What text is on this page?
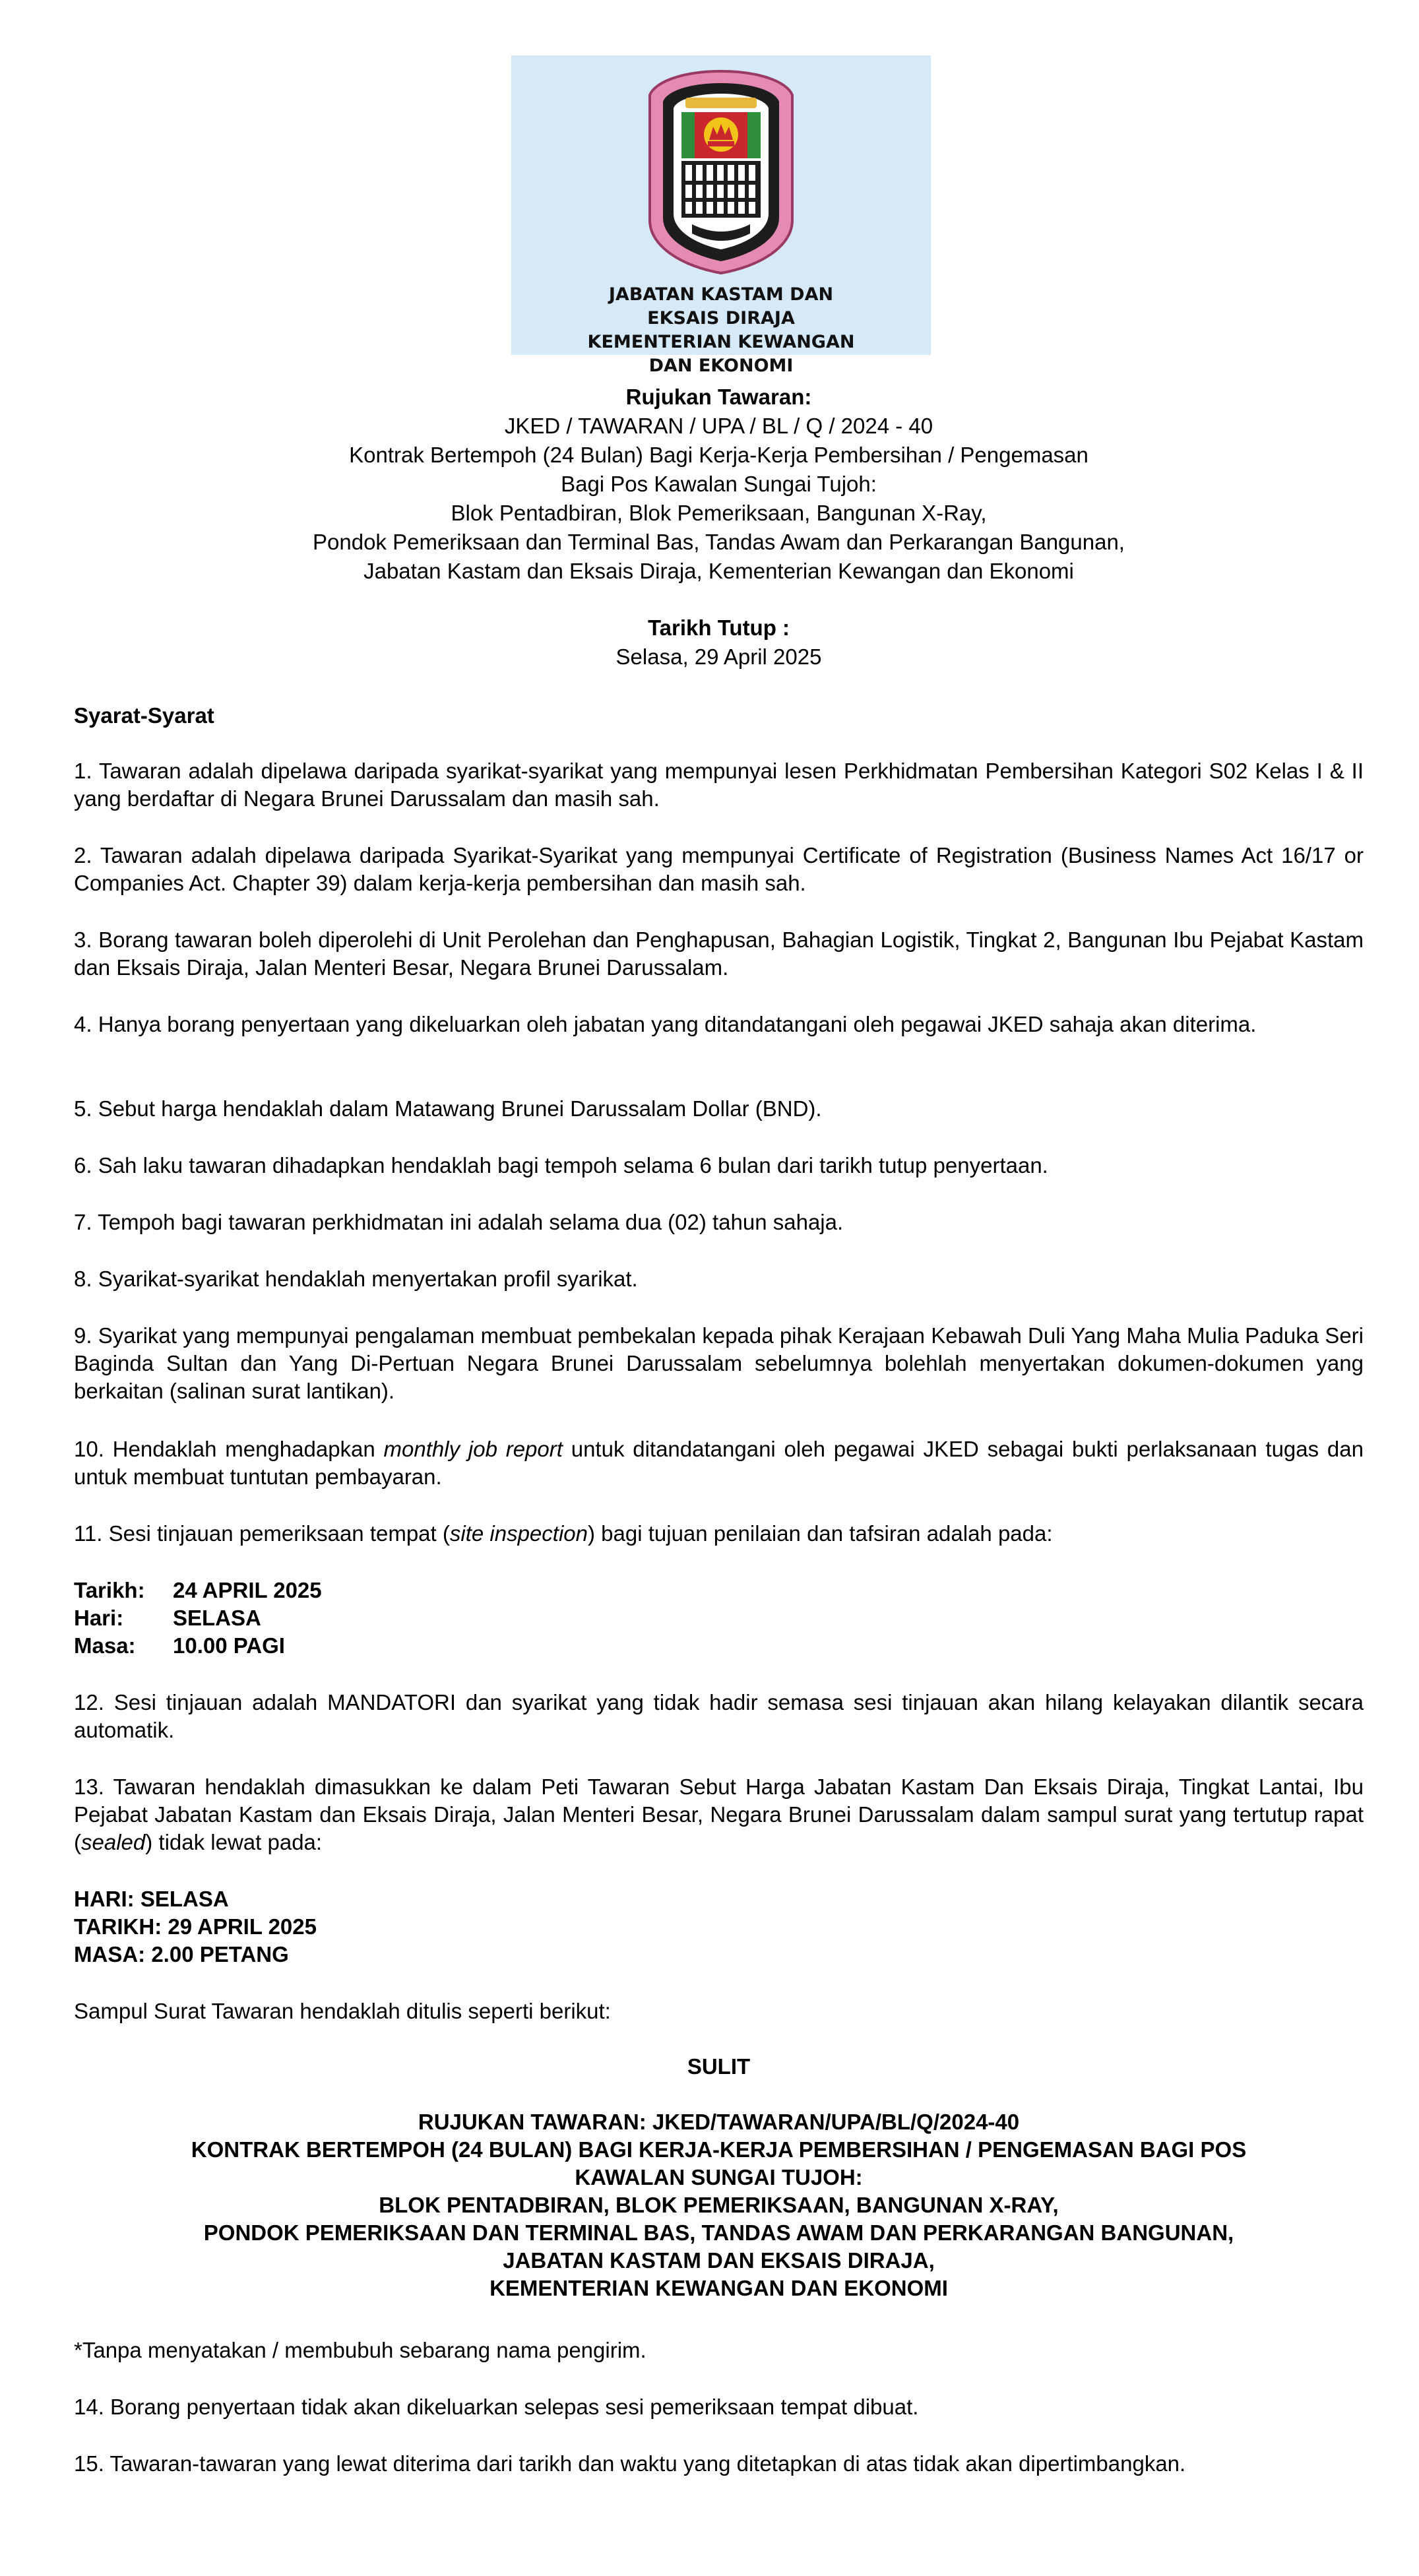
JABATAN KASTAM DAN
EKSAIS DIRAJA
KEMENTERIAN KEWANGAN
DAN EKONOMI
Rujukan Tawaran:
JKED / TAWARAN / UPA / BL / Q / 2024 - 40
Kontrak Bertempoh (24 Bulan) Bagi Kerja-Kerja Pembersihan / Pengemasan
Bagi Pos Kawalan Sungai Tujoh:
Blok Pentadbiran, Blok Pemeriksaan, Bangunan X-Ray,
Pondok Pemeriksaan dan Terminal Bas, Tandas Awam dan Perkarangan Bangunan,
Jabatan Kastam dan Eksais Diraja, Kementerian Kewangan dan Ekonomi
Tarikh Tutup :
Selasa, 29 April 2025

Syarat-Syarat

1. Tawaran adalah dipelawa daripada syarikat-syarikat yang mempunyai lesen Perkhidmatan Pembersihan Kategori S02 Kelas I & II yang berdaftar di Negara Brunei Darussalam dan masih sah.

2. Tawaran adalah dipelawa daripada Syarikat-Syarikat yang mempunyai Certificate of Registration (Business Names Act 16/17 or Companies Act. Chapter 39) dalam kerja-kerja pembersihan dan masih sah.

3. Borang tawaran boleh diperolehi di Unit Perolehan dan Penghapusan, Bahagian Logistik, Tingkat 2, Bangunan Ibu Pejabat Kastam dan Eksais Diraja, Jalan Menteri Besar, Negara Brunei Darussalam.

4. Hanya borang penyertaan yang dikeluarkan oleh jabatan yang ditandatangani oleh pegawai JKED sahaja akan diterima.

5. Sebut harga hendaklah dalam Matawang Brunei Darussalam Dollar (BND).

6. Sah laku tawaran dihadapkan hendaklah bagi tempoh selama 6 bulan dari tarikh tutup penyertaan.

7. Tempoh bagi tawaran perkhidmatan ini adalah selama dua (02) tahun sahaja.

8. Syarikat-syarikat hendaklah menyertakan profil syarikat.

9. Syarikat yang mempunyai pengalaman membuat pembekalan kepada pihak Kerajaan Kebawah Duli Yang Maha Mulia Paduka Seri Baginda Sultan dan Yang Di-Pertuan Negara Brunei Darussalam sebelumnya bolehlah menyertakan dokumen-dokumen yang berkaitan (salinan surat lantikan).

10. Hendaklah menghadapkan monthly job report untuk ditandatangani oleh pegawai JKED sebagai bukti perlaksanaan tugas dan untuk membuat tuntutan pembayaran.

11. Sesi tinjauan pemeriksaan tempat (site inspection) bagi tujuan penilaian dan tafsiran adalah pada:

Tarikh: 24 APRIL 2025
Hari: SELASA
Masa: 10.00 PAGI

12. Sesi tinjauan adalah MANDATORI dan syarikat yang tidak hadir semasa sesi tinjauan akan hilang kelayakan dilantik secara automatik.

13. Tawaran hendaklah dimasukkan ke dalam Peti Tawaran Sebut Harga Jabatan Kastam Dan Eksais Diraja, Tingkat Lantai, Ibu Pejabat Jabatan Kastam dan Eksais Diraja, Jalan Menteri Besar, Negara Brunei Darussalam dalam sampul surat yang tertutup rapat (sealed) tidak lewat pada:

HARI: SELASA
TARIKH: 29 APRIL 2025
MASA: 2.00 PETANG

Sampul Surat Tawaran hendaklah ditulis seperti berikut:

SULIT
RUJUKAN TAWARAN: JKED/TAWARAN/UPA/BL/Q/2024-40
KONTRAK BERTEMPOH (24 BULAN) BAGI KERJA-KERJA PEMBERSIHAN / PENGEMASAN BAGI POS
KAWALAN SUNGAI TUJOH:
BLOK PENTADBIRAN, BLOK PEMERIKSAAN, BANGUNAN X-RAY,
PONDOK PEMERIKSAAN DAN TERMINAL BAS, TANDAS AWAM DAN PERKARANGAN BANGUNAN,
JABATAN KASTAM DAN EKSAIS DIRAJA,
KEMENTERIAN KEWANGAN DAN EKONOMI

*Tanpa menyatakan / membubuh sebarang nama pengirim.

14. Borang penyertaan tidak akan dikeluarkan selepas sesi pemeriksaan tempat dibuat.

15. Tawaran-tawaran yang lewat diterima dari tarikh dan waktu yang ditetapkan di atas tidak akan dipertimbangkan.
